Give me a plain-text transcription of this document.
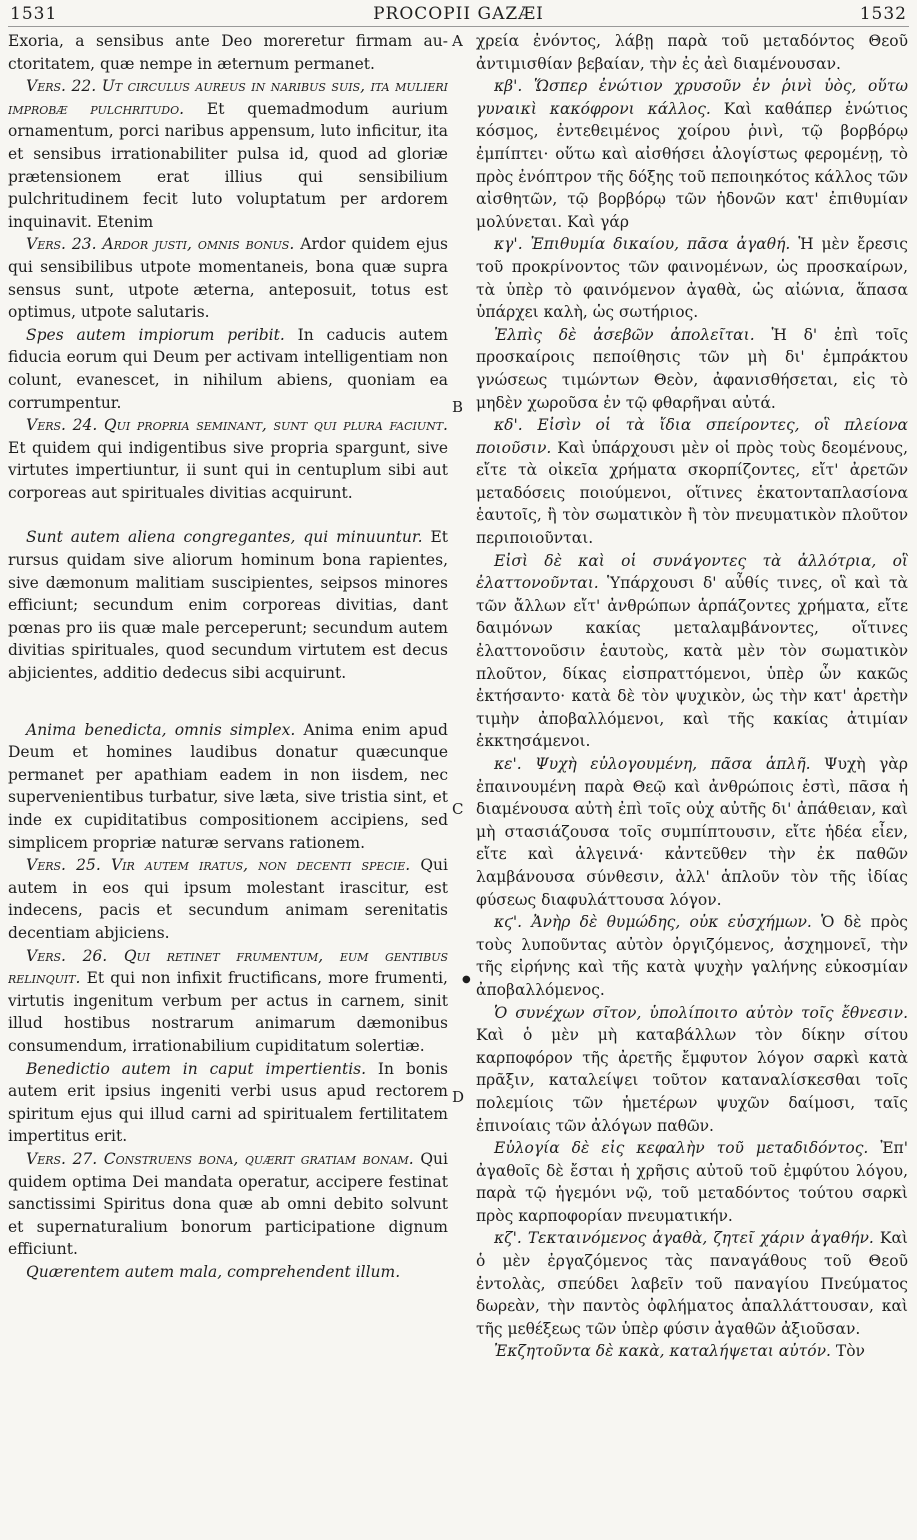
1531	PROCOPII GAZÆI	1532
A
B
C
D
●

Exoria, a sensibus ante Deo moreretur firmam au- ctoritatem, quæ nempe in æternum permanet.

Vers. 22. Ut circulus aureus in naribus suis, ita mulieri improbæ pulchritudo. Et quemadmodum aurium ornamentum, porci naribus appensum, luto inficitur, ita et sensibus irrationabiliter pulsa id, quod ad gloriæ prætensionem erat illius qui sensibilium pulchritudinem fecit luto voluptatum per ardorem inquinavit. Etenim

Vers. 23. Ardor justi, omnis bonus. Ardor quidem ejus qui sensibilibus utpote momentaneis, bona quæ supra sensus sunt, utpote æterna, anteposuit, totus est optimus, utpote salutaris.

Spes autem impiorum peribit. In caducis autem fiducia eorum qui Deum per activam intelligentiam non colunt, evanescet, in nihilum abiens, quoniam ea corrumpentur.

Vers. 24. Qui propria seminant, sunt qui plura faciunt. Et quidem qui indigentibus sive propria spargunt, sive virtutes impertiuntur, ii sunt qui in centuplum sibi aut corporeas aut spirituales divitias acquirunt.

Sunt autem aliena congregantes, qui minuuntur. Et rursus quidam sive aliorum hominum bona rapientes, sive dæmonum malitiam suscipientes, seipsos minores efficiunt; secundum enim corporeas divitias, dant pœnas pro iis quæ male perceperunt; secundum autem divitias spirituales, quod secundum virtutem est decus abjicientes, additio dedecus sibi acquirunt.

Anima benedicta, omnis simplex. Anima enim apud Deum et homines laudibus donatur quæcunque permanet per apathiam eadem in non iisdem, nec supervenientibus turbatur, sive læta, sive tristia sint, et inde ex cupiditatibus compositionem accipiens, sed simplicem propriæ naturæ servans rationem.

Vers. 25. Vir autem iratus, non decenti specie. Qui autem in eos qui ipsum molestant irascitur, est indecens, pacis et secundum animam serenitatis decentiam abjiciens.

Vers. 26. Qui retinet frumentum, eum gentibus relinquit. Et qui non infixit fructificans, more frumenti, virtutis ingenitum verbum per actus in carnem, sinit illud hostibus nostrarum animarum dæmonibus consumendum, irrationabilium cupiditatum solertiæ.

Benedictio autem in caput impertientis. In bonis autem erit ipsius ingeniti verbi usus apud rectorem spiritum ejus qui illud carni ad spiritualem fertilitatem impertitus erit.

Vers. 27. Construens bona, quærit gratiam bonam. Qui quidem optima Dei mandata operatur, accipere festinat sanctissimi Spiritus dona quæ ab omni debito solvunt et supernaturalium bonorum participatione dignum efficiunt.

Quærentem autem mala, comprehendent illum.

χρεία ἐνόντος, λάβῃ παρὰ τοῦ μεταδόντος Θεοῦ ἀντιμισθίαν βεβαίαν, τὴν ἐς ἀεὶ διαμένουσαν.

κβ'. Ὥσπερ ἐνώτιον χρυσοῦν ἐν ῥινὶ ὑὸς, οὕτω γυναικὶ κακόφρονι κάλλος. Καὶ καθάπερ ἐνώτιος κόσμος, ἐντεθειμένος χοίρου ῥινὶ, τῷ βορβόρῳ ἐμπίπτει· οὕτω καὶ αἰσθήσει ἀλογίστως φερομένῃ, τὸ πρὸς ἐνόπτρον τῆς δόξης τοῦ πεποιηκότος κάλλος τῶν αἰσθητῶν, τῷ βορβόρῳ τῶν ἡδονῶν κατ' ἐπιθυμίαν μολύνεται. Καὶ γάρ

κγ'. Ἐπιθυμία δικαίου, πᾶσα ἀγαθή. Ἡ μὲν ἔρεσις τοῦ προκρίνοντος τῶν φαινομένων, ὡς προσκαίρων, τὰ ὑπὲρ τὸ φαινόμενον ἀγαθὰ, ὡς αἰώνια, ἅπασα ὑπάρχει καλὴ, ὡς σωτήριος.

Ἐλπὶς δὲ ἀσεβῶν ἀπολεῖται. Ἡ δ' ἐπὶ τοῖς προσκαίροις πεποίθησις τῶν μὴ δι' ἐμπράκτου γνώσεως τιμώντων Θεὸν, ἀφανισθήσεται, εἰς τὸ μηδὲν χωροῦσα ἐν τῷ φθαρῆναι αὐτά.

κδ'. Εἰσὶν οἱ τὰ ἴδια σπείροντες, οἳ πλείονα ποιοῦσιν. Καὶ ὑπάρχουσι μὲν οἱ πρὸς τοὺς δεομένους, εἴτε τὰ οἰκεῖα χρήματα σκορπίζοντες, εἴτ' ἀρετῶν μεταδόσεις ποιούμενοι, οἵτινες ἑκατονταπλασίονα ἑαυτοῖς, ἢ τὸν σωματικὸν ἢ τὸν πνευματικὸν πλοῦτον περιποιοῦνται.

Εἰσὶ δὲ καὶ οἱ συνάγοντες τὰ ἀλλότρια, οἳ ἐλαττονοῦνται. Ὑπάρχουσι δ' αὖθίς τινες, οἳ καὶ τὰ τῶν ἄλλων εἴτ' ἀνθρώπων ἁρπάζοντες χρήματα, εἴτε δαιμόνων κακίας μεταλαμβάνοντες, οἵτινες ἐλαττονοῦσιν ἑαυτοὺς, κατὰ μὲν τὸν σωματικὸν πλοῦτον, δίκας εἰσπραττόμενοι, ὑπὲρ ὧν κακῶς ἐκτήσαντο· κατὰ δὲ τὸν ψυχικὸν, ὡς τὴν κατ' ἀρετὴν τιμὴν ἀποβαλλόμενοι, καὶ τῆς κακίας ἀτιμίαν ἐκκτησάμενοι.

κε'. Ψυχὴ εὐλογουμένη, πᾶσα ἁπλῆ. Ψυχὴ γὰρ ἐπαινουμένη παρὰ Θεῷ καὶ ἀνθρώποις ἐστὶ, πᾶσα ἡ διαμένουσα αὐτὴ ἐπὶ τοῖς οὐχ αὐτῆς δι' ἀπάθειαν, καὶ μὴ στασιάζουσα τοῖς συμπίπτουσιν, εἴτε ἡδέα εἶεν, εἴτε καὶ ἀλγεινά· κἀντεῦθεν τὴν ἐκ παθῶν λαμβάνουσα σύνθεσιν, ἀλλ' ἁπλοῦν τὸν τῆς ἰδίας φύσεως διαφυλάττουσα λόγον.

κϛ'. Ἀνὴρ δὲ θυμώδης, οὐκ εὐσχήμων. Ὁ δὲ πρὸς τοὺς λυποῦντας αὐτὸν ὀργιζόμενος, ἀσχημονεῖ, τὴν τῆς εἰρήνης καὶ τῆς κατὰ ψυχὴν γαλήνης εὐκοσμίαν ἀποβαλλόμενος.

Ὁ συνέχων σῖτον, ὑπολίποιτο αὐτὸν τοῖς ἔθνεσιν. Καὶ ὁ μὲν μὴ καταβάλλων τὸν δίκην σίτου καρποφόρον τῆς ἀρετῆς ἔμφυτον λόγον σαρκὶ κατὰ πρᾶξιν, καταλείψει τοῦτον καταναλίσκεσθαι τοῖς πολεμίοις τῶν ἡμετέρων ψυχῶν δαίμοσι, ταῖς ἐπινοίαις τῶν ἀλόγων παθῶν.

Εὐλογία δὲ εἰς κεφαλὴν τοῦ μεταδιδόντος. Ἐπ' ἀγαθοῖς δὲ ἔσται ἡ χρῆσις αὐτοῦ τοῦ ἐμφύτου λόγου, παρὰ τῷ ἡγεμόνι νῷ, τοῦ μεταδόντος τούτου σαρκὶ πρὸς καρποφορίαν πνευματικήν.

κζ'. Τεκταινόμενος ἀγαθὰ, ζητεῖ χάριν ἀγαθήν. Καὶ ὁ μὲν ἐργαζόμενος τὰς παναγάθους τοῦ Θεοῦ ἐντολὰς, σπεύδει λαβεῖν τοῦ παναγίου Πνεύματος δωρεὰν, τὴν παντὸς ὀφλήματος ἀπαλλάττουσαν, καὶ τῆς μεθέξεως τῶν ὑπὲρ φύσιν ἀγαθῶν ἀξιοῦσαν.

Ἐκζητοῦντα δὲ κακὰ, καταλήψεται αὐτόν. Τὸν
